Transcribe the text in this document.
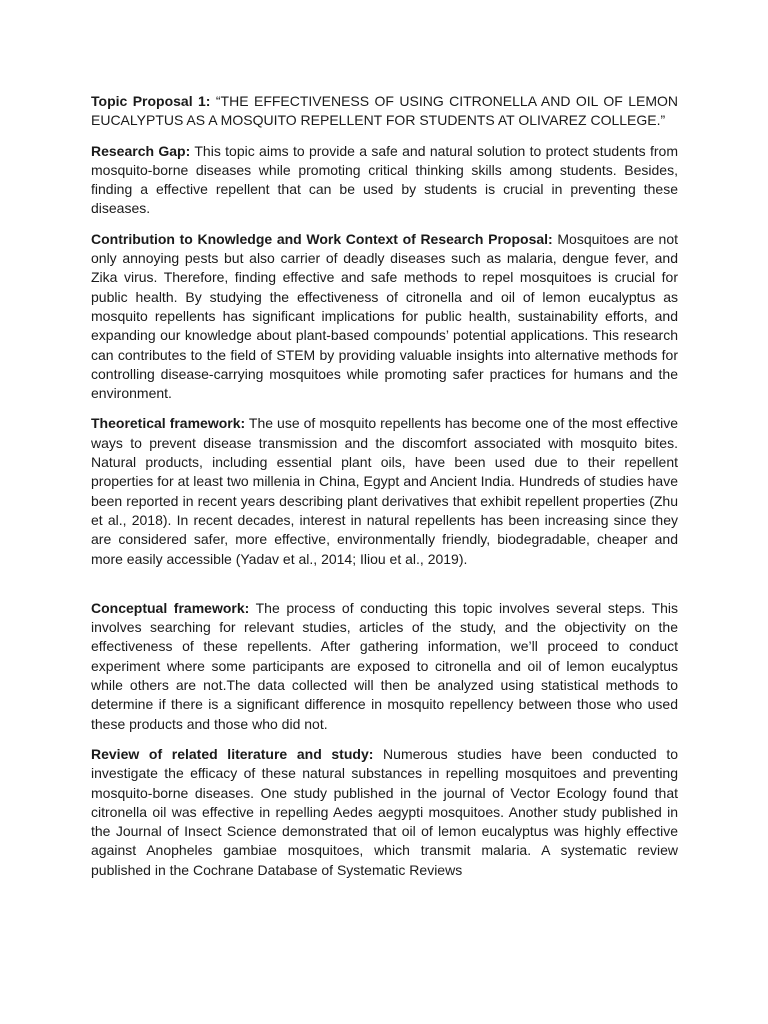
Topic Proposal 1: “THE EFFECTIVENESS OF USING CITRONELLA AND OIL OF LEMON EUCALYPTUS AS A MOSQUITO REPELLENT FOR STUDENTS AT OLIVAREZ COLLEGE.”

Research Gap: This topic aims to provide a safe and natural solution to protect students from mosquito-borne diseases while promoting critical thinking skills among students. Besides, finding a effective repellent that can be used by students is crucial in preventing these diseases.

Contribution to Knowledge and Work Context of Research Proposal: Mosquitoes are not only annoying pests but also carrier of deadly diseases such as malaria, dengue fever, and Zika virus. Therefore, finding effective and safe methods to repel mosquitoes is crucial for public health. By studying the effectiveness of citronella and oil of lemon eucalyptus as mosquito repellents has significant implications for public health, sustainability efforts, and expanding our knowledge about plant-based compounds’ potential applications. This research can contributes to the field of STEM by providing valuable insights into alternative methods for controlling disease-carrying mosquitoes while promoting safer practices for humans and the environment.

Theoretical framework: The use of mosquito repellents has become one of the most effective ways to prevent disease transmission and the discomfort associated with mosquito bites. Natural products, including essential plant oils, have been used due to their repellent properties for at least two millenia in China, Egypt and Ancient India. Hundreds of studies have been reported in recent years describing plant derivatives that exhibit repellent properties (Zhu et al., 2018). In recent decades, interest in natural repellents has been increasing since they are considered safer, more effective, environmentally friendly, biodegradable, cheaper and more easily accessible (Yadav et al., 2014; Iliou et al., 2019).

Conceptual framework: The process of conducting this topic involves several steps. This involves searching for relevant studies, articles of the study, and the objectivity on the effectiveness of these repellents. After gathering information, we’ll proceed to conduct experiment where some participants are exposed to citronella and oil of lemon eucalyptus while others are not.The data collected will then be analyzed using statistical methods to determine if there is a significant difference in mosquito repellency between those who used these products and those who did not.

Review of related literature and study: Numerous studies have been conducted to investigate the efficacy of these natural substances in repelling mosquitoes and preventing mosquito-borne diseases. One study published in the journal of Vector Ecology found that citronella oil was effective in repelling Aedes aegypti mosquitoes. Another study published in the Journal of Insect Science demonstrated that oil of lemon eucalyptus was highly effective against Anopheles gambiae mosquitoes, which transmit malaria. A systematic review published in the Cochrane Database of Systematic Reviews
